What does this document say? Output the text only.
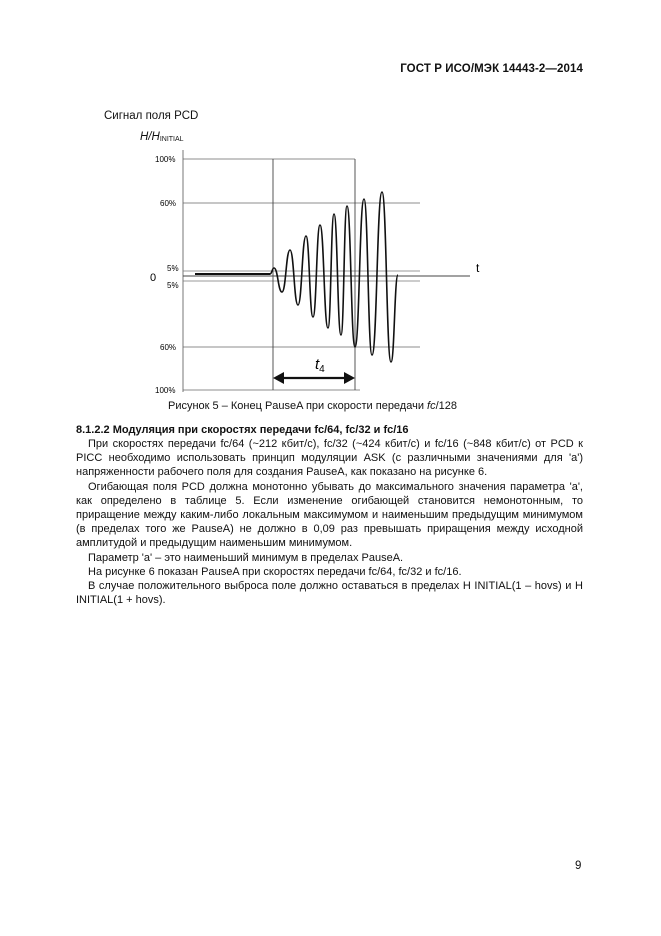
ГОСТ Р ИСО/МЭК 14443-2—2014
Сигнал поля PCD
$H/H_{INITIAL}$
100%
60%
5%
0
5%
60%
100%
t
$t_4$
Рисунок 5 – Конец PauseA при скорости передачи fc/128
8.1.2.2 Модуляция при скоростях передачи fc/64, fc/32 и fc/16

При скоростях передачи fc/64 (~212 кбит/с), fc/32 (~424 кбит/с) и fc/16 (~848 кбит/с) от PCD к PICC необходимо использовать принцип модуляции ASK (с различными значениями для 'a') напряженности рабочего поля для создания PauseA, как показано на рисунке 6.

Огибающая поля PCD должна монотонно убывать до максимального значения параметра 'a', как определено в таблице 5. Если изменение огибающей становится немонотонным, то приращение между каким-либо локальным максимумом и наименьшим предыдущим минимумом (в пределах того же PauseA) не должно в 0,09 раз превышать приращения между исходной амплитудой и предыдущим наименьшим минимумом.

Параметр 'a' – это наименьший минимум в пределах PauseA.

На рисунке 6 показан PauseA при скоростях передачи fc/64, fc/32 и fc/16.

В случае положительного выброса поле должно оставаться в пределах H INITIAL(1 – hovs) и H INITIAL(1 + hovs).

9
